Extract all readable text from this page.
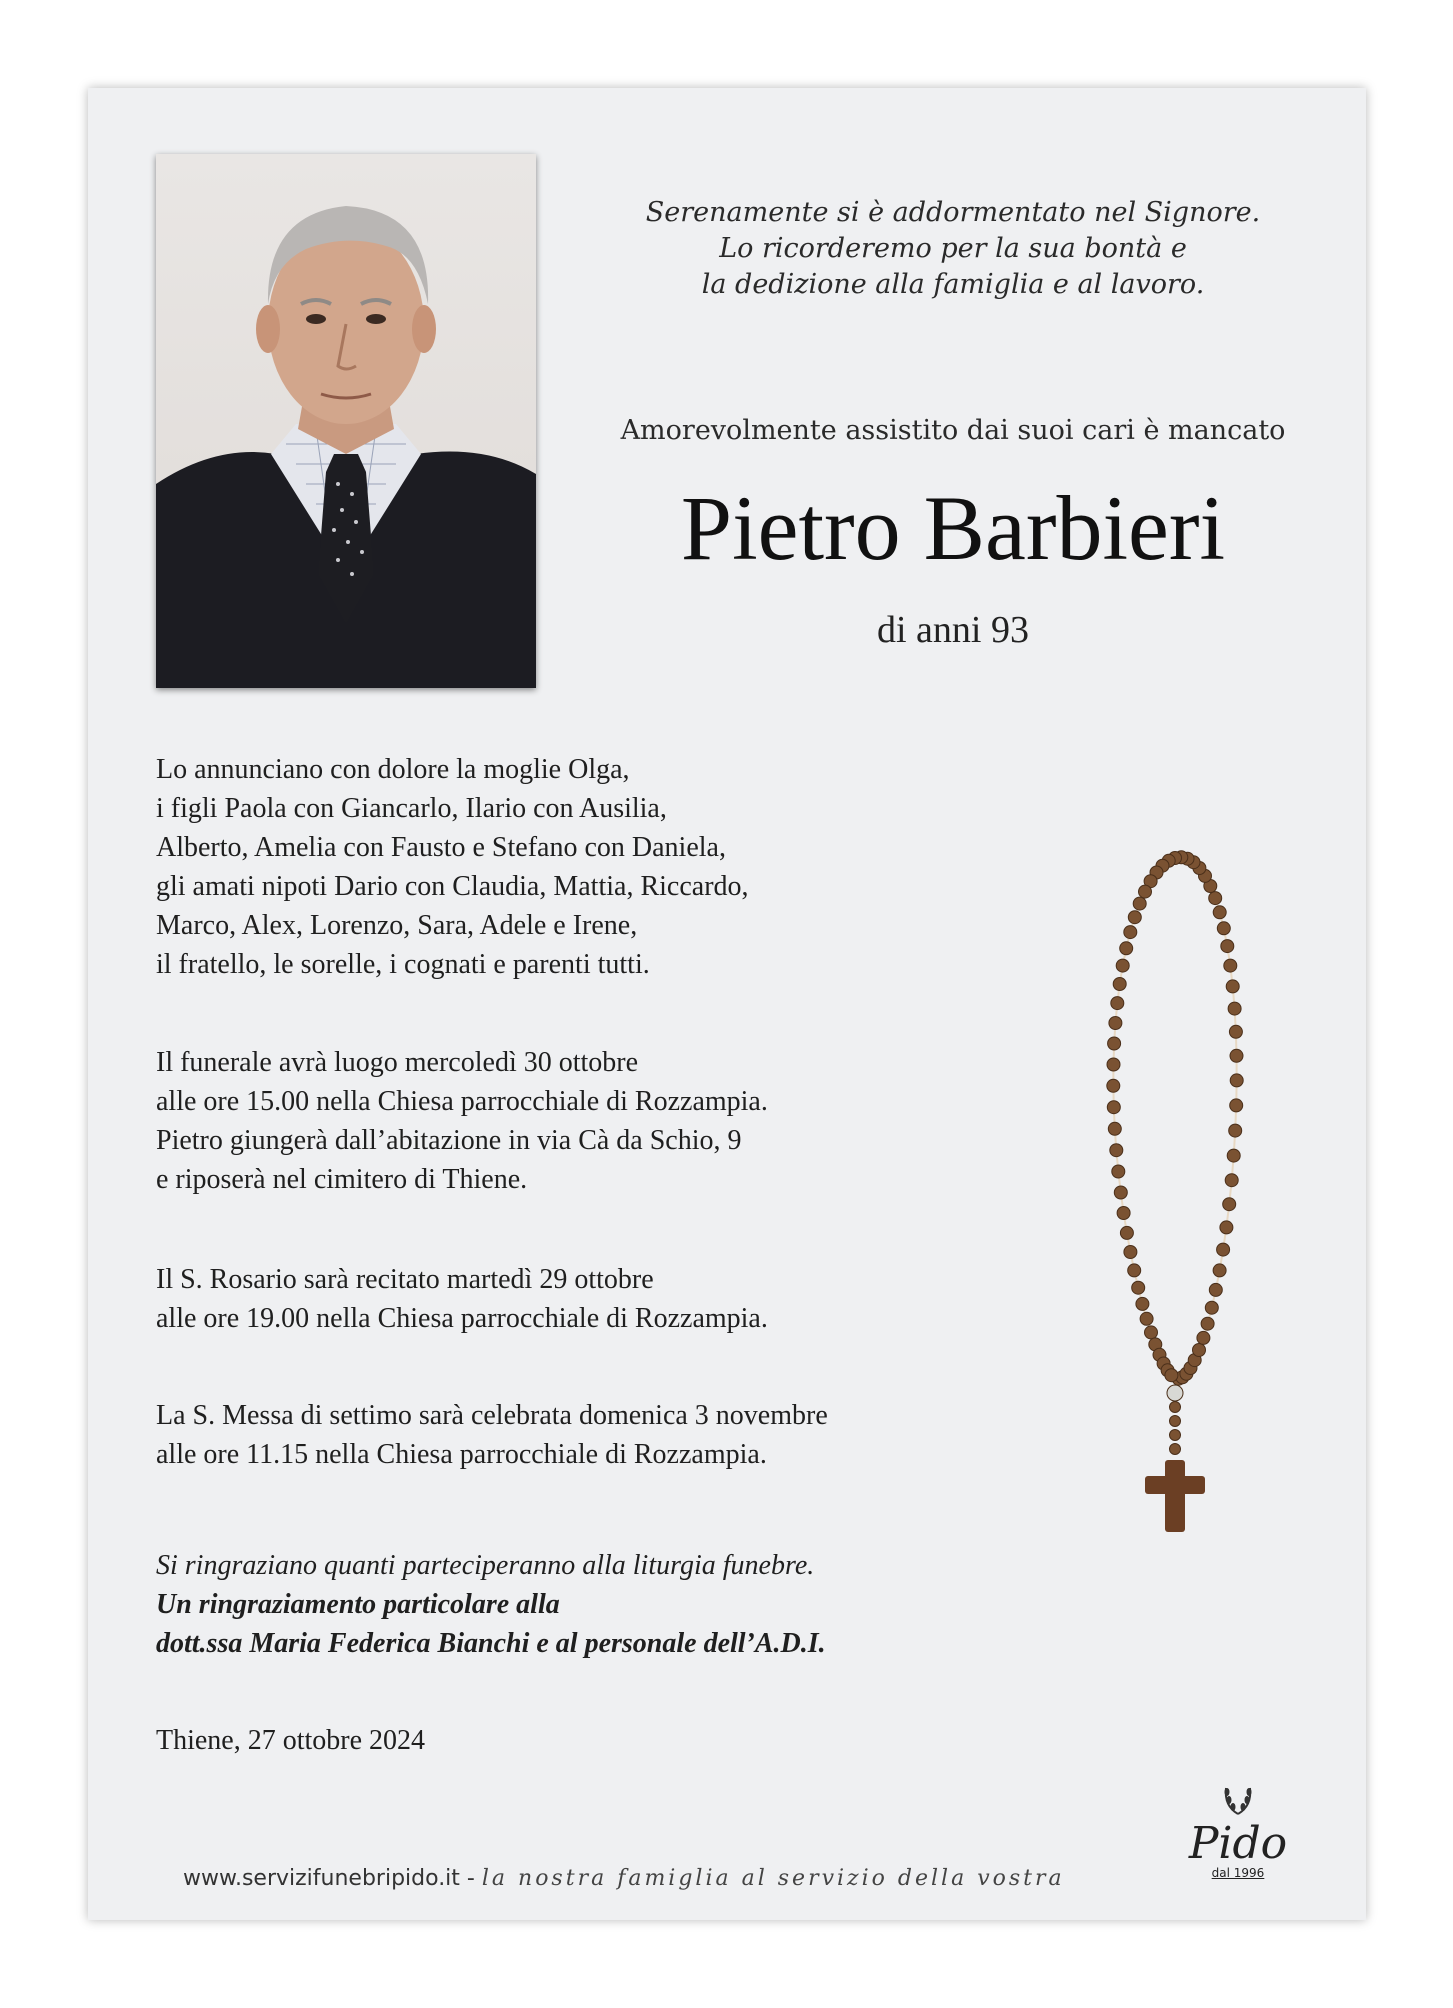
Serenamente si è addormentato nel Signore.
Lo ricorderemo per la sua bontà e
la dedizione alla famiglia e al lavoro.
Amorevolmente assistito dai suoi cari è mancato
Pietro Barbieri
di anni 93
Lo annunciano con dolore la moglie Olga,
i figli Paola con Giancarlo, Ilario con Ausilia,
Alberto, Amelia con Fausto e Stefano con Daniela,
gli amati nipoti Dario con Claudia, Mattia, Riccardo,
Marco, Alex, Lorenzo, Sara, Adele e Irene,
il fratello, le sorelle, i cognati e parenti tutti.
Il funerale avrà luogo mercoledì 30 ottobre
alle ore 15.00 nella Chiesa parrocchiale di Rozzampia.
Pietro giungerà dall’abitazione in via Cà da Schio, 9
e riposerà nel cimitero di Thiene.
Il S. Rosario sarà recitato martedì 29 ottobre
alle ore 19.00 nella Chiesa parrocchiale di Rozzampia.
La S. Messa di settimo sarà celebrata domenica 3 novembre
alle ore 11.15 nella Chiesa parrocchiale di Rozzampia.
Si ringraziano quanti parteciperanno alla liturgia funebre.
Un ringraziamento particolare alla
dott.ssa Maria Federica Bianchi e al personale dell’A.D.I.
Thiene, 27 ottobre 2024
www.servizifunebripido.it - la nostra famiglia al servizio della vostra
Pido
dal 1996
